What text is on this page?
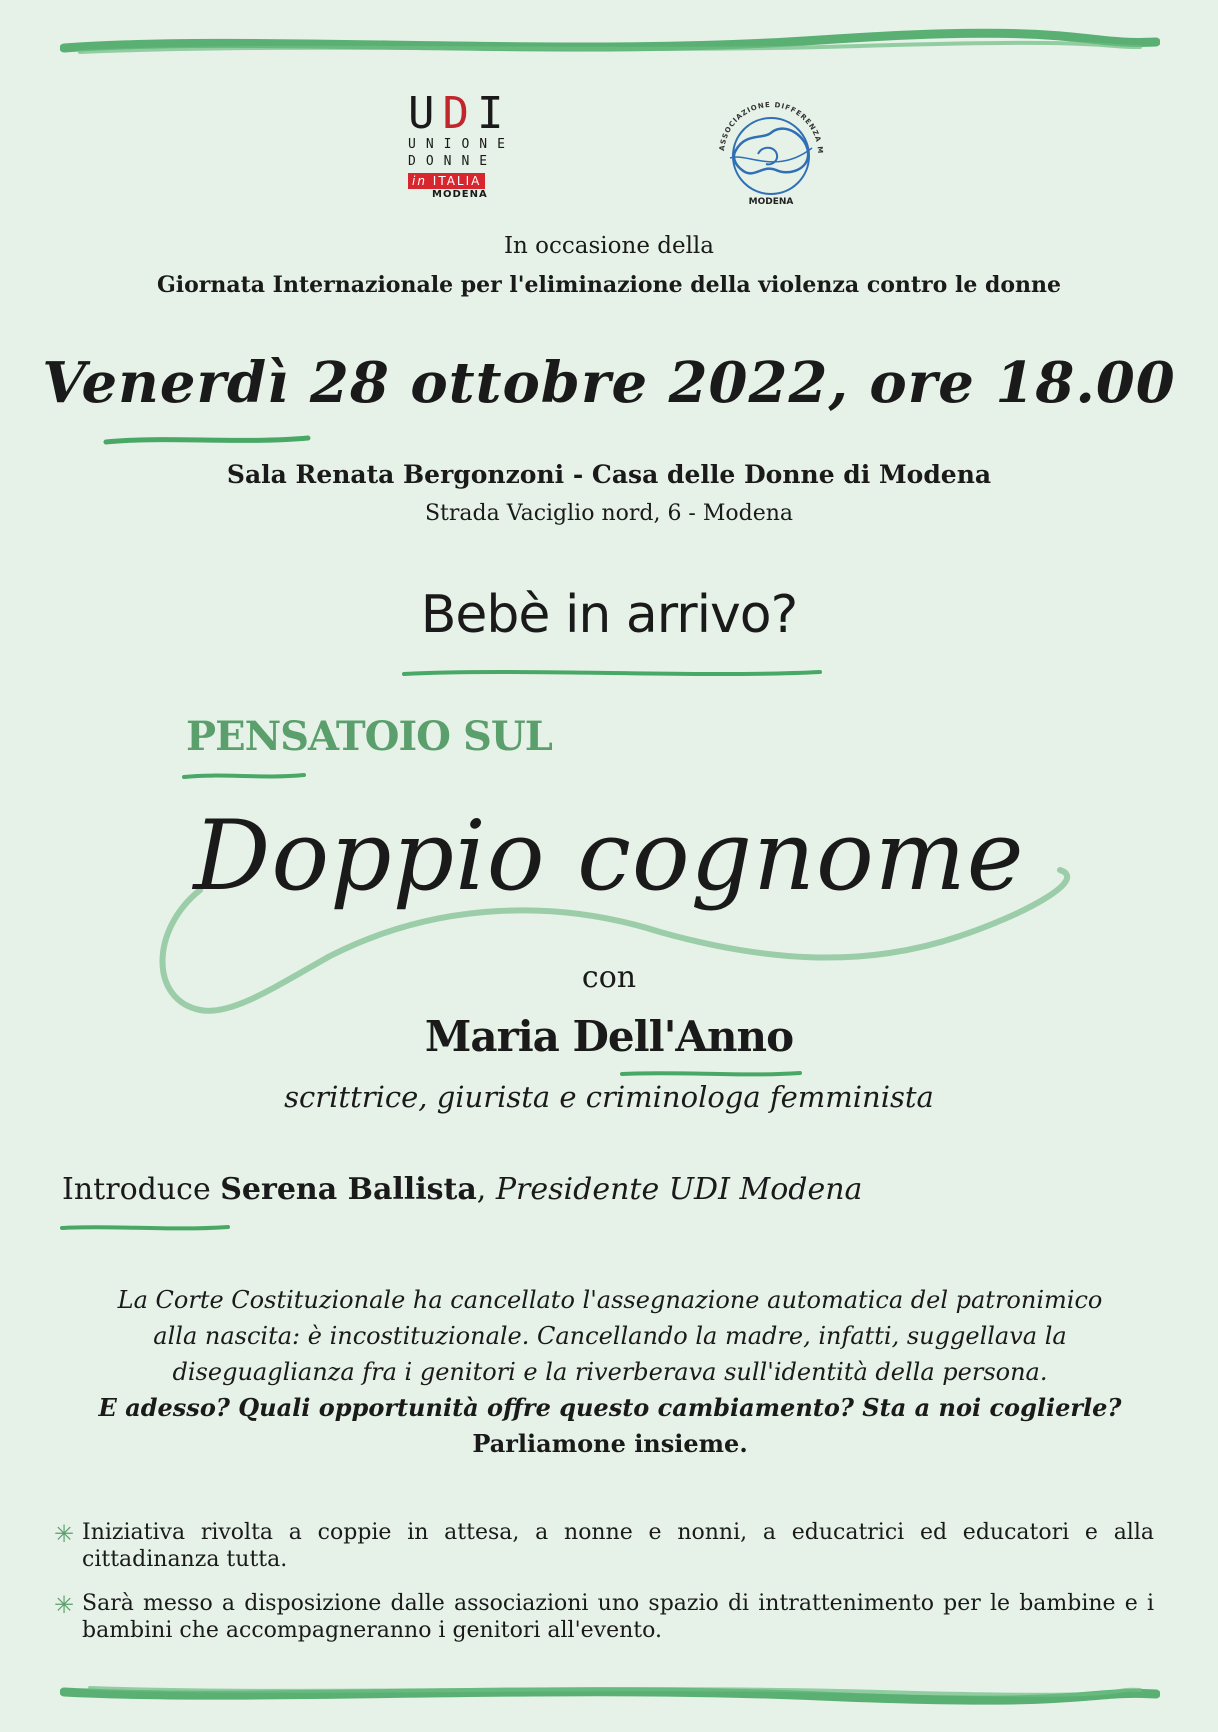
UDI
UNIONE
DONNE
in ITALIA
MODENA
ASSOCIAZIONE DIFFERENZA M
MODENA
In occasione della
Giornata Internazionale per l'eliminazione della violenza contro le donne
Venerdì 28 ottobre 2022, ore 18.00
Sala Renata Bergonzoni - Casa delle Donne di Modena
Strada Vaciglio nord, 6 - Modena
Bebè in arrivo?
PENSATOIO SUL
Doppio cognome
con
Maria Dell'Anno
scrittrice, giurista e criminologa femminista
Introduce Serena Ballista, Presidente UDI Modena
La Corte Costituzionale ha cancellato l'assegnazione automatica del patronimico
alla nascita: è incostituzionale. Cancellando la madre, infatti, suggellava la
diseguaglianza fra i genitori e la riverberava sull'identità della persona.
E adesso? Quali opportunità offre questo cambiamento? Sta a noi coglierle?
Parliamone insieme.
✳ Iniziativa rivolta a coppie in attesa, a nonne e nonni, a educatrici ed educatori e alla cittadinanza tutta.
✳ Sarà messo a disposizione dalle associazioni uno spazio di intrattenimento per le bambine e i bambini che accompagneranno i genitori all'evento.
